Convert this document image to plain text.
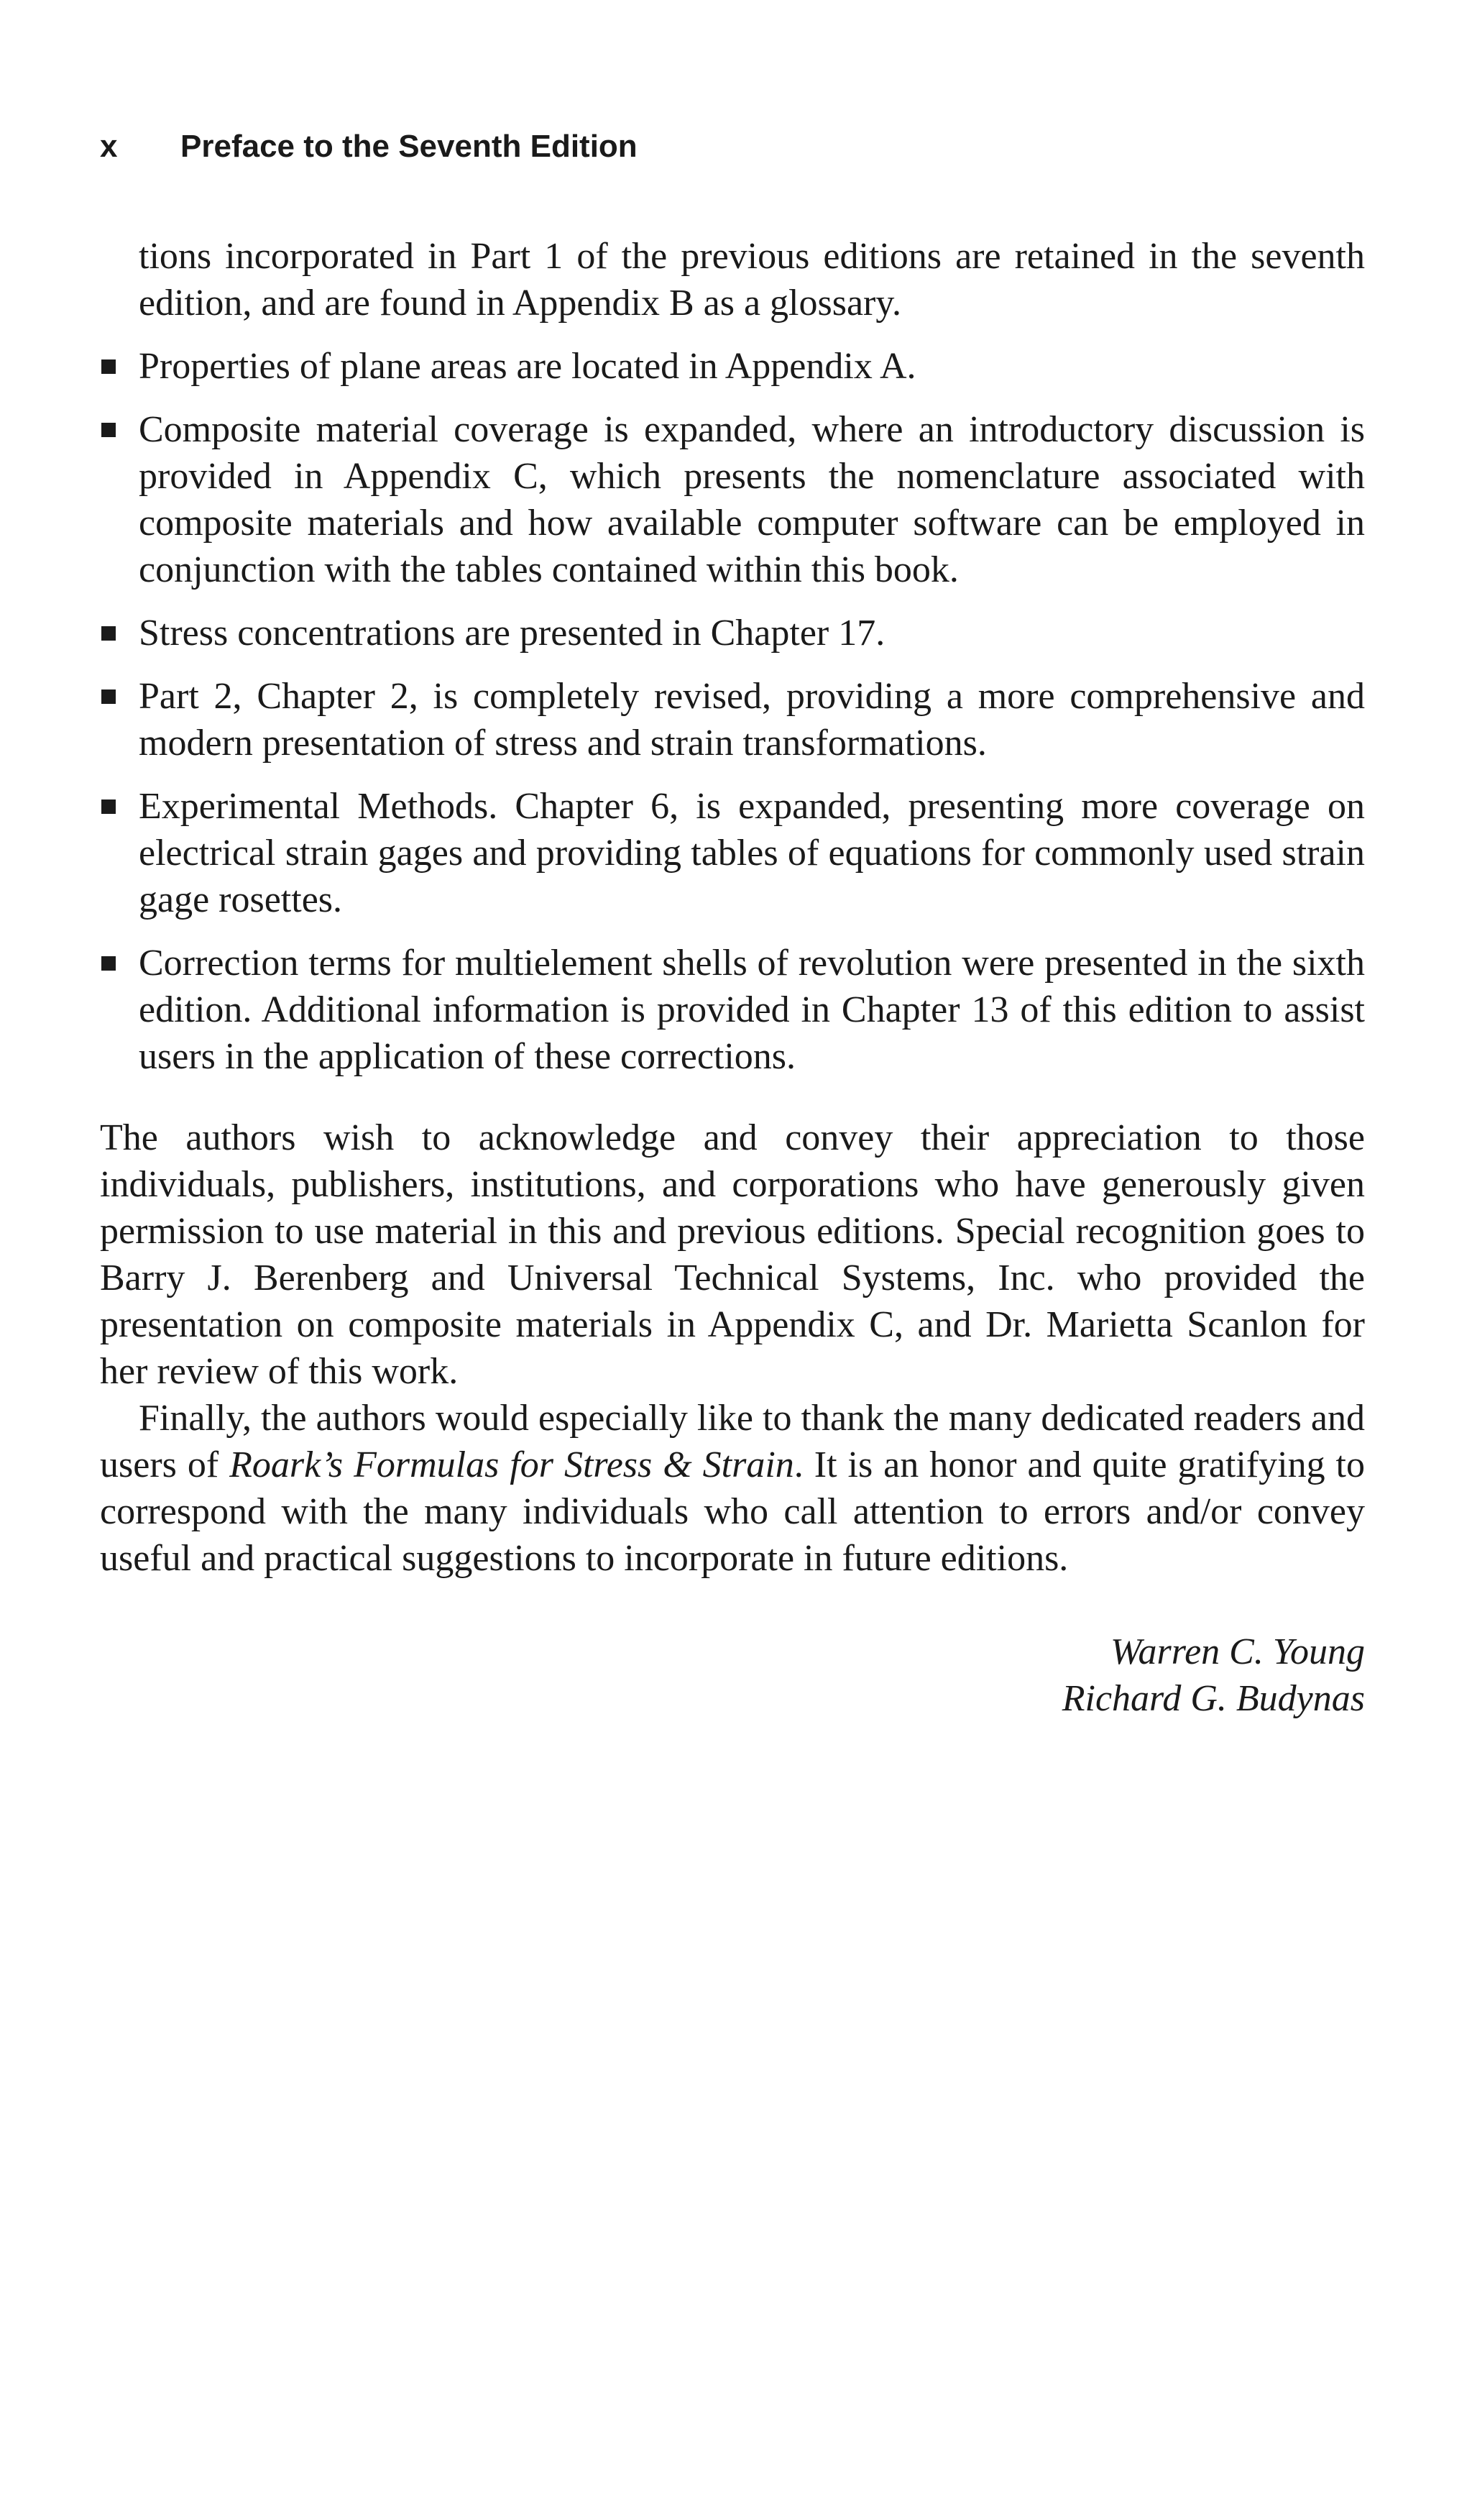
x Preface to the Seventh Edition

tions incorporated in Part 1 of the previous editions are retained in the seventh edition, and are found in Appendix B as a glossary.

Properties of plane areas are located in Appendix A.
Composite material coverage is expanded, where an introductory discussion is provided in Appendix C, which presents the nomenclature associated with composite materials and how available computer software can be employed in conjunction with the tables contained within this book.
Stress concentrations are presented in Chapter 17.
Part 2, Chapter 2, is completely revised, providing a more comprehensive and modern presentation of stress and strain transformations.
Experimental Methods. Chapter 6, is expanded, presenting more coverage on electrical strain gages and providing tables of equations for commonly used strain gage rosettes.
Correction terms for multielement shells of revolution were presented in the sixth edition. Additional information is provided in Chapter 13 of this edition to assist users in the application of these corrections.

The authors wish to acknowledge and convey their appreciation to those individuals, publishers, institutions, and corporations who have generously given permission to use material in this and previous editions. Special recognition goes to Barry J. Berenberg and Universal Technical Systems, Inc. who provided the presentation on composite materials in Appendix C, and Dr. Marietta Scanlon for her review of this work.

Finally, the authors would especially like to thank the many dedicated readers and users of Roark’s Formulas for Stress & Strain. It is an honor and quite gratifying to correspond with the many individuals who call attention to errors and/or convey useful and practical suggestions to incorporate in future editions.

Warren C. Young
Richard G. Budynas
